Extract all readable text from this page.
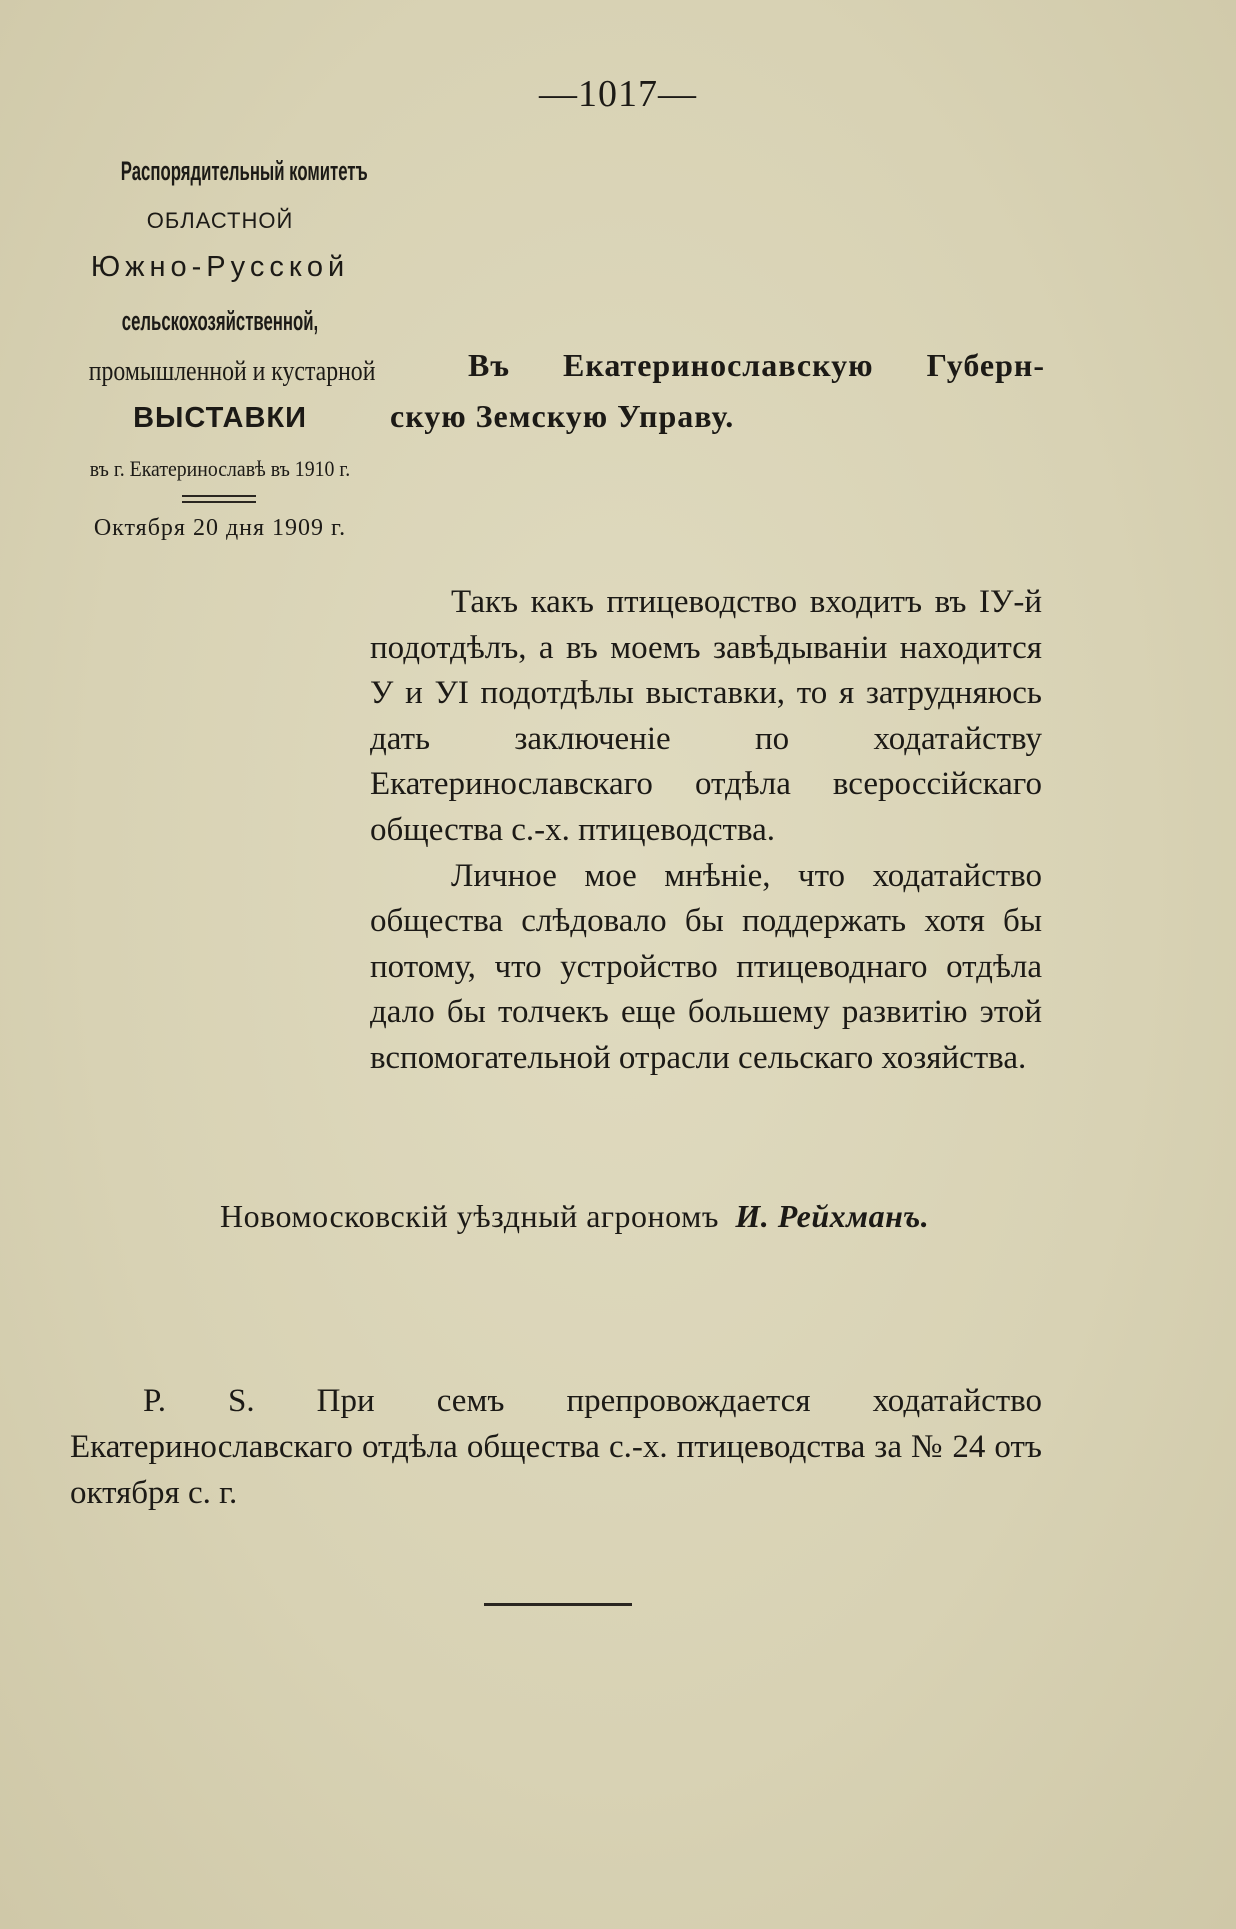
—1017—
Распорядительный комитетъ
ОБЛАСТНОЙ
Южно-Русской
сельскохозяйственной,
промышленной и кустарной
ВЫСТАВКИ
въ г. Екатеринославѣ въ 1910 г.
Октября 20 дня 1909 г.
Въ Екатеринославскую Губерн-
скую Земскую Управу.

Такъ какъ птицеводство входитъ въ IУ-й подотдѣлъ, а въ моемъ завѣдываніи находится У и УI подотдѣлы выставки, то я затрудняюсь дать заключеніе по ходатайству Екатеринославскаго отдѣла всероссійскаго общества с.-х. птицеводства.

Личное мое мнѣніе, что ходатайство общества слѣдовало бы поддержать хотя бы потому, что устройство птицеводнаго отдѣла дало бы толчекъ еще большему развитію этой вспомогательной отрасли сельскаго хозяйства.

Новомосковскій уѣздный агрономъ И. Рейхманъ.
P. S. При семъ препровождается ходатайство Екатеринославскаго отдѣла общества с.-х. птицеводства за № 24 отъ октября с. г.
